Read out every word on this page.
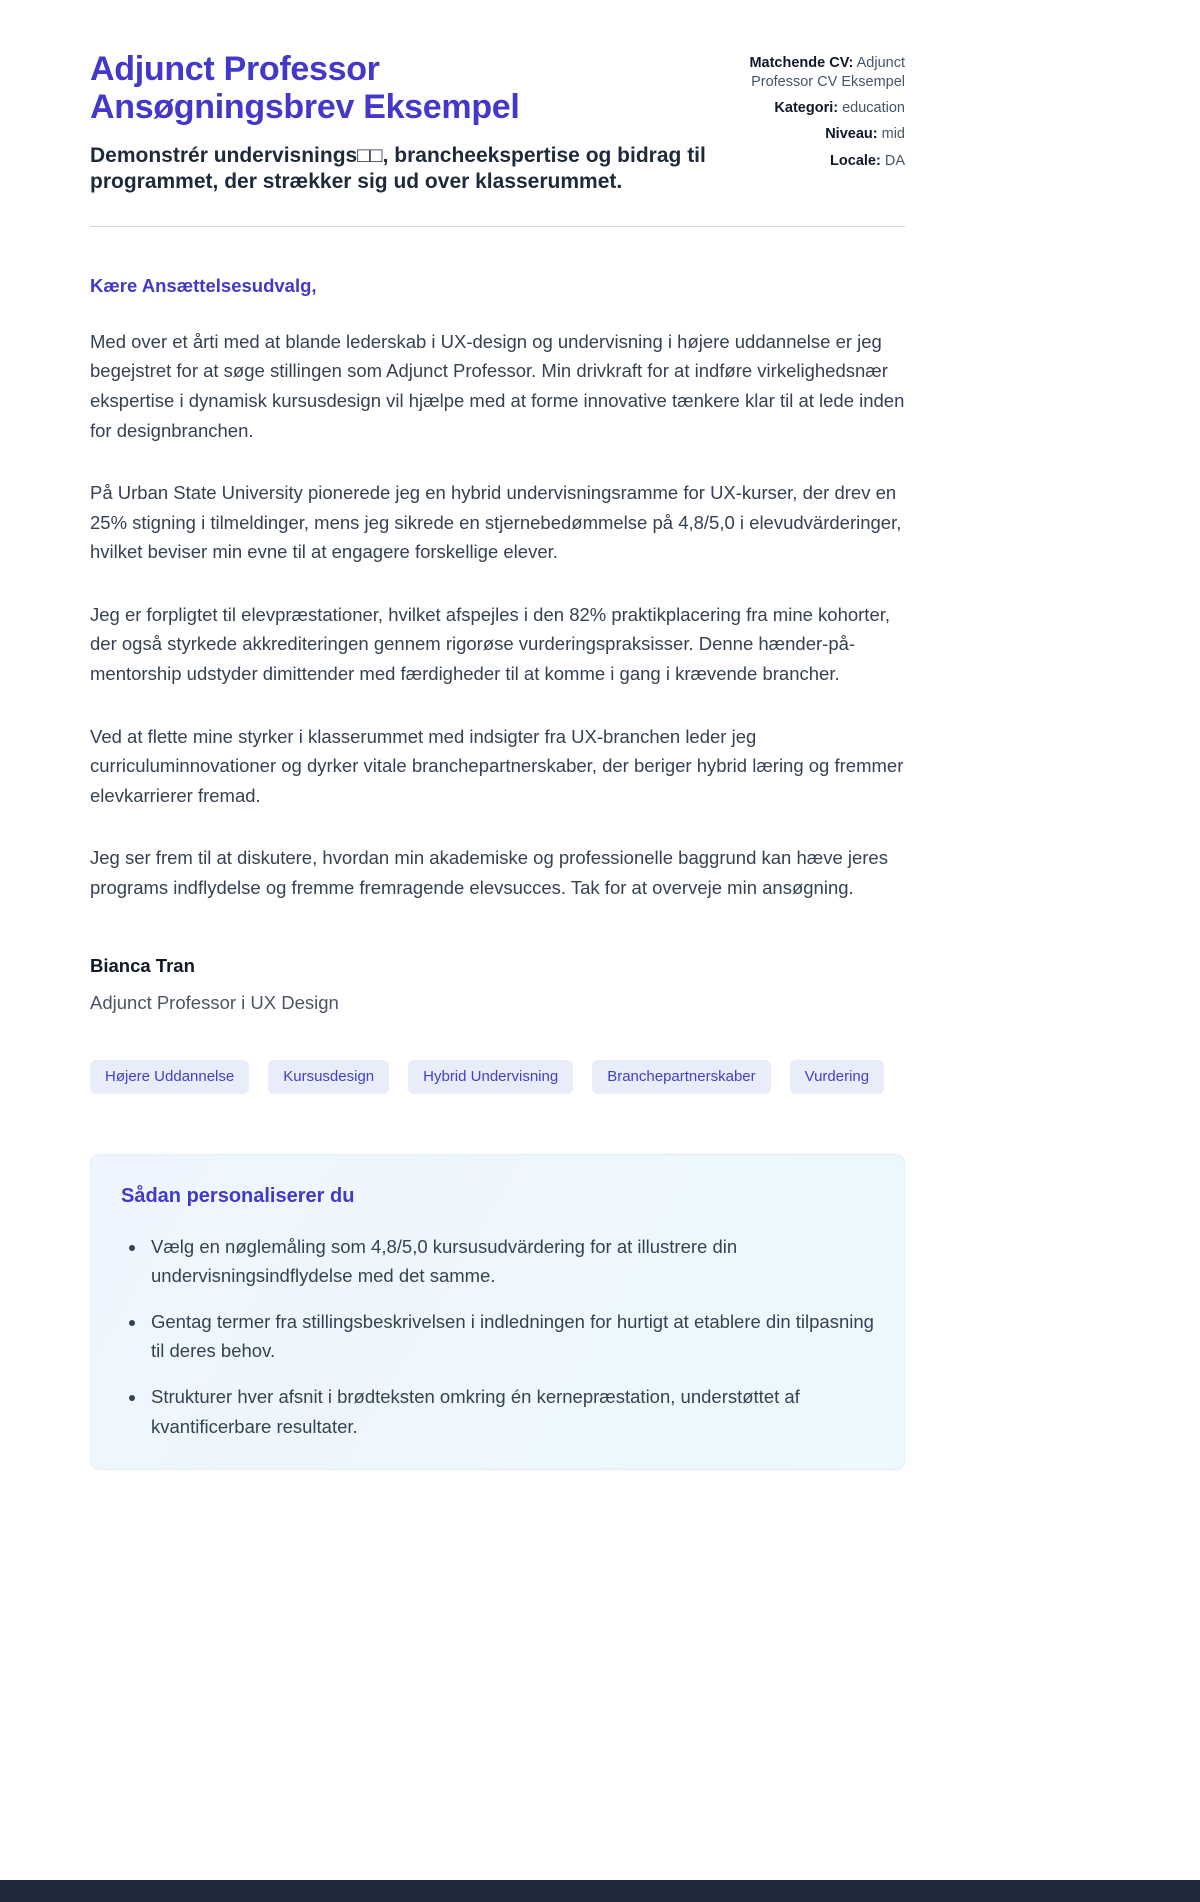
Adjunct Professor Ansøgningsbrev Eksempel

Demonstrér undervisnings□□, brancheekspertise og bidrag til programmet, der strækker sig ud over klasserummet.

Matchende CV: Adjunct Professor CV Eksempel
Kategori: education
Niveau: mid
Locale: DA

Kære Ansættelsesudvalg,

Med over et årti med at blande lederskab i UX-design og undervisning i højere uddannelse er jeg begejstret for at søge stillingen som Adjunct Professor. Min drivkraft for at indføre virkelighedsnær ekspertise i dynamisk kursusdesign vil hjælpe med at forme innovative tænkere klar til at lede inden for designbranchen.

På Urban State University pionerede jeg en hybrid undervisningsramme for UX-kurser, der drev en 25% stigning i tilmeldinger, mens jeg sikrede en stjernebedømmelse på 4,8/5,0 i elevudvärderinger, hvilket beviser min evne til at engagere forskellige elever.

Jeg er forpligtet til elevpræstationer, hvilket afspejles i den 82% praktikplacering fra mine kohorter, der også styrkede akkrediteringen gennem rigorøse vurderingspraksisser. Denne hænder-på-mentorship udstyder dimittender med færdigheder til at komme i gang i krævende brancher.

Ved at flette mine styrker i klasserummet med indsigter fra UX-branchen leder jeg curriculuminnovationer og dyrker vitale branchepartnerskaber, der beriger hybrid læring og fremmer elevkarrierer fremad.

Jeg ser frem til at diskutere, hvordan min akademiske og professionelle baggrund kan hæve jeres programs indflydelse og fremme fremragende elevsucces. Tak for at overveje min ansøgning.

Bianca Tran

Adjunct Professor i UX Design

Højere Uddannelse	Kursusdesign	Hybrid Undervisning	Branchepartnerskaber	Vurdering
Sådan personaliserer du
• Vælg en nøglemåling som 4,8/5,0 kursusudvärdering for at illustrere din undervisningsindflydelse med det samme.
• Gentag termer fra stillingsbeskrivelsen i indledningen for hurtigt at etablere din tilpasning til deres behov.
• Strukturer hver afsnit i brødteksten omkring én kernepræstation, understøttet af kvantificerbare resultater.
